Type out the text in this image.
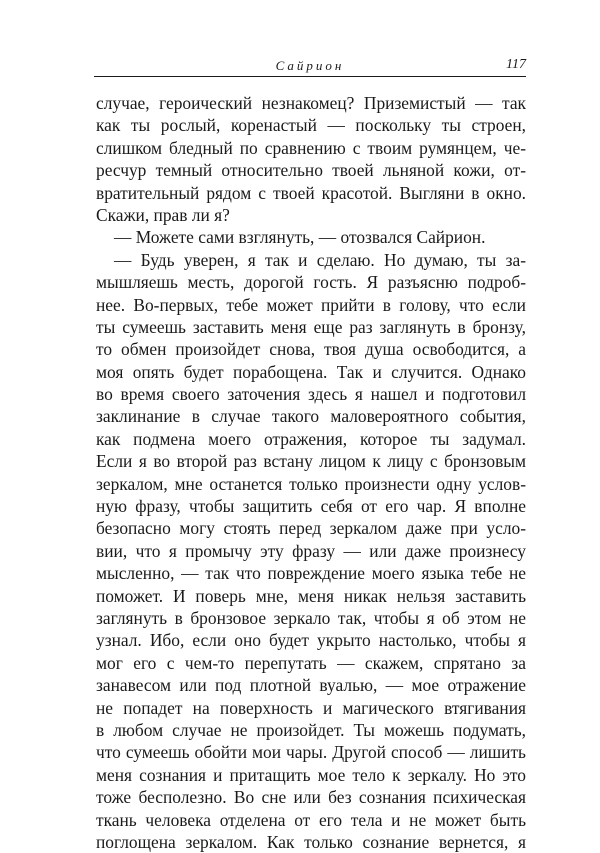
Сайрион	117
случае, героический незнакомец? Приземистый — так
как ты рослый, коренастый — поскольку ты строен,
слишком бледный по сравнению с твоим румянцем, че-
ресчур темный относительно твоей льняной кожи, от-
вратительный рядом с твоей красотой. Выгляни в окно.
Скажи, прав ли я?
— Можете сами взглянуть, — отозвался Сайрион.
— Будь уверен, я так и сделаю. Но думаю, ты за-
мышляешь месть, дорогой гость. Я разъясню подроб-
нее. Во-первых, тебе может прийти в голову, что если
ты сумеешь заставить меня еще раз заглянуть в бронзу,
то обмен произойдет снова, твоя душа освободится, а
моя опять будет порабощена. Так и случится. Однако
во время своего заточения здесь я нашел и подготовил
заклинание в случае такого маловероятного события,
как подмена моего отражения, которое ты задумал.
Если я во второй раз встану лицом к лицу с бронзовым
зеркалом, мне останется только произнести одну услов-
ную фразу, чтобы защитить себя от его чар. Я вполне
безопасно могу стоять перед зеркалом даже при усло-
вии, что я промычу эту фразу — или даже произнесу
мысленно, — так что повреждение моего языка тебе не
поможет. И поверь мне, меня никак нельзя заставить
заглянуть в бронзовое зеркало так, чтобы я об этом не
узнал. Ибо, если оно будет укрыто настолько, чтобы я
мог его с чем-то перепутать — скажем, спрятано за
занавесом или под плотной вуалью, — мое отражение
не попадет на поверхность и магического втягивания
в любом случае не произойдет. Ты можешь подумать,
что сумеешь обойти мои чары. Другой способ — лишить
меня сознания и притащить мое тело к зеркалу. Но это
тоже бесполезно. Во сне или без сознания психическая
ткань человека отделена от его тела и не может быть
поглощена зеркалом. Как только сознание вернется, я
